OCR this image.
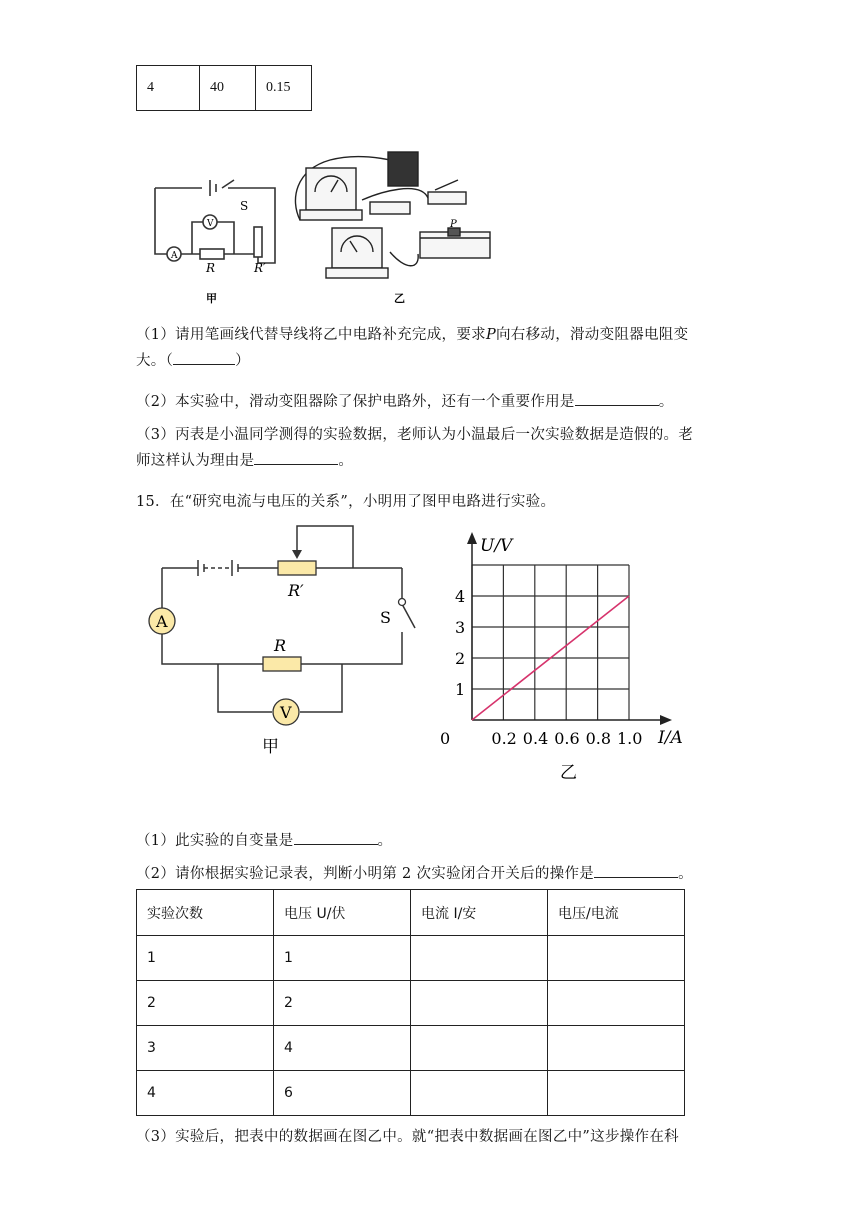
4	40	0.15
A
V
S
R	R′
甲
P
乙
（1）请用笔画线代替导线将乙中电路补充完成，要求P向右移动，滑动变阻器电阻变
大。（	）
（2）本实验中，滑动变阻器除了保护电路外，还有一个重要作用是	。
（3）丙表是小温同学测得的实验数据，老师认为小温最后一次实验数据是造假的。老
师这样认为理由是	。
15．在“研究电流与电压的关系”，小明用了图甲电路进行实验。
A
V
R′
R
S
甲	0	0.2 0.4 0.6 0.8 1.0
1
2
3
4
U/V
I/A
乙
（1）此实验的自变量是	。
（2）请你根据实验记录表，判断小明第 2 次实验闭合开关后的操作是	。
实验次数	电压 U/伏	电流 I/安	电压/电流
1	1		
2	2		
3	4		
4	6		
（3）实验后，把表中的数据画在图乙中。就“把表中数据画在图乙中”这步操作在科
